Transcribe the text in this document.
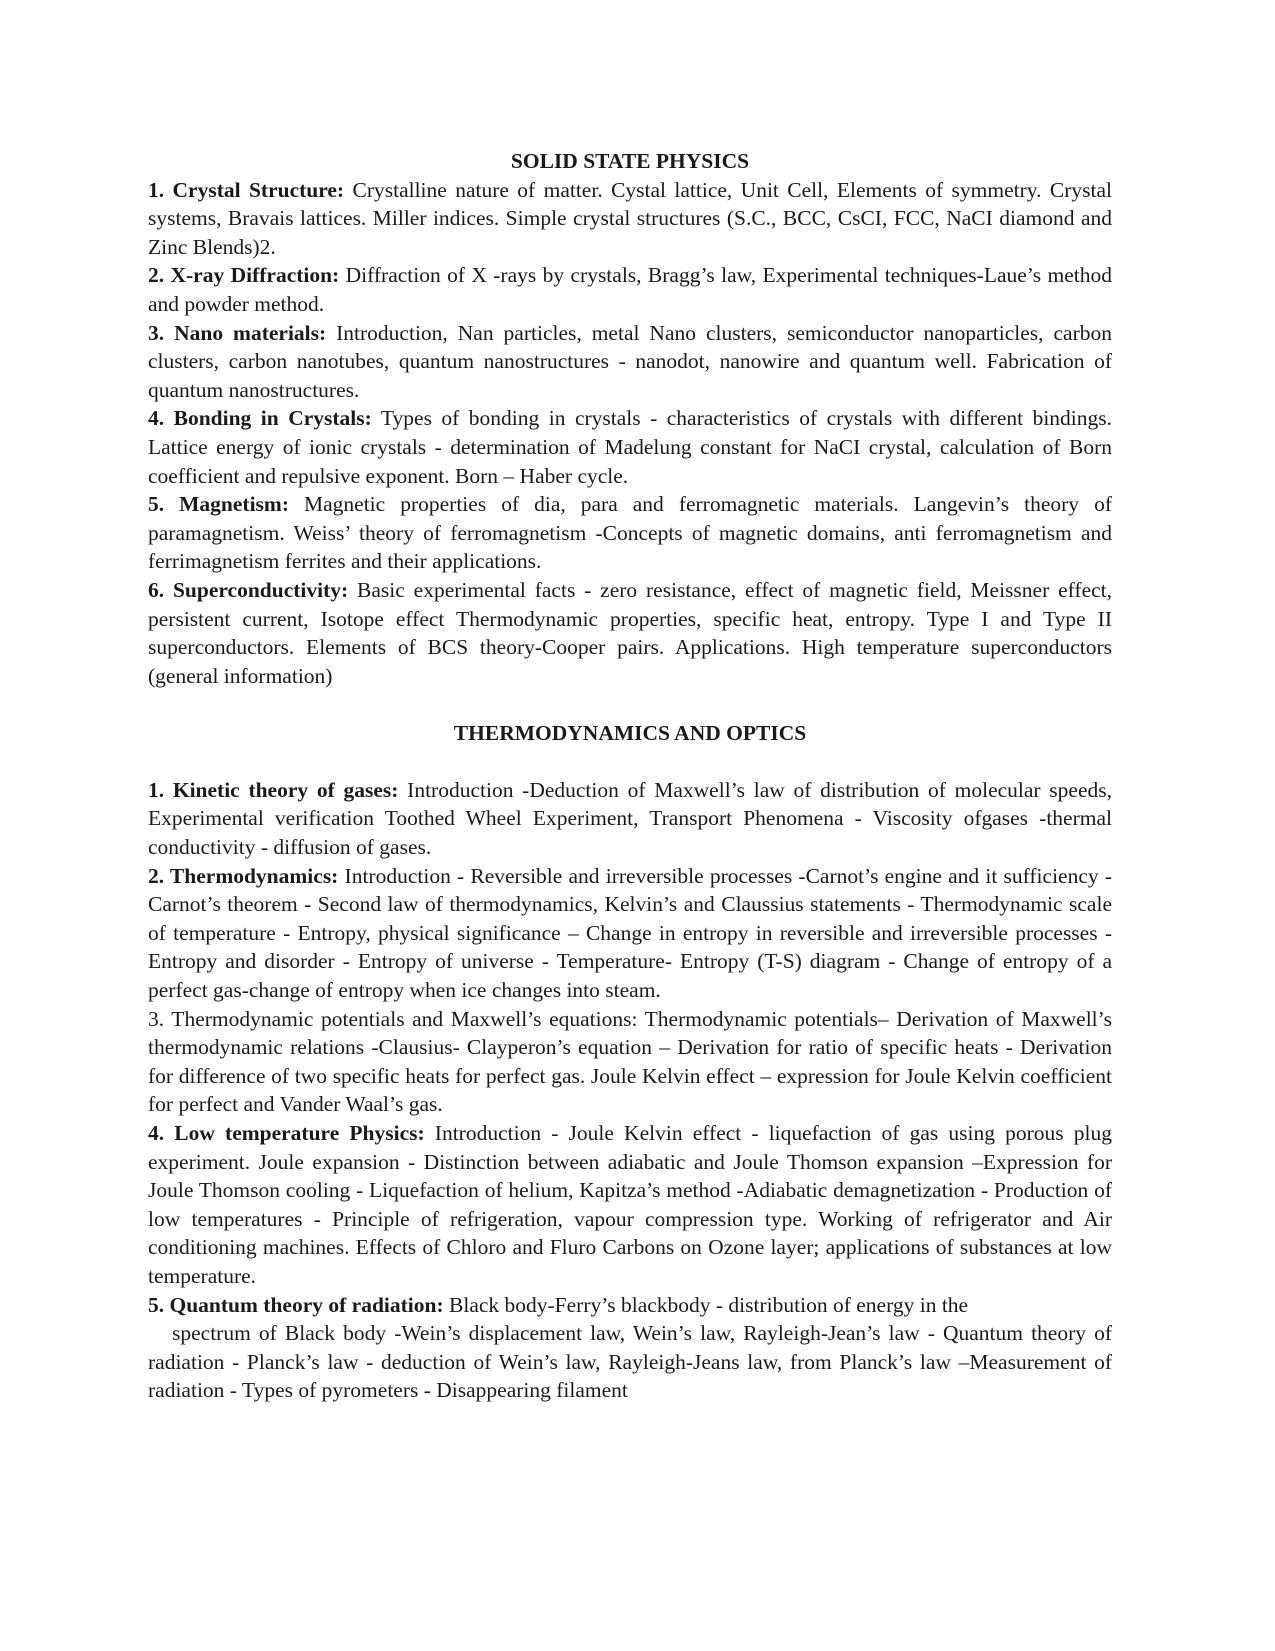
SOLID STATE PHYSICS

1. Crystal Structure: Crystalline nature of matter. Cystal lattice, Unit Cell, Elements of symmetry. Crystal systems, Bravais lattices. Miller indices. Simple crystal structures (S.C., BCC, CsCI, FCC, NaCI diamond and Zinc Blends)2.

2. X-ray Diffraction: Diffraction of X -rays by crystals, Bragg’s law, Experimental techniques-Laue’s method and powder method.

3. Nano materials: Introduction, Nan particles, metal Nano clusters, semiconductor nanoparticles, carbon clusters, carbon nanotubes, quantum nanostructures - nanodot, nanowire and quantum well. Fabrication of quantum nanostructures.

4. Bonding in Crystals: Types of bonding in crystals - characteristics of crystals with different bindings. Lattice energy of ionic crystals - determination of Madelung constant for NaCI crystal, calculation of Born coefficient and repulsive exponent. Born – Haber cycle.

5. Magnetism: Magnetic properties of dia, para and ferromagnetic materials. Langevin’s theory of paramagnetism. Weiss’ theory of ferromagnetism -Concepts of magnetic domains, anti ferromagnetism and ferrimagnetism ferrites and their applications.

6. Superconductivity: Basic experimental facts - zero resistance, effect of magnetic field, Meissner effect, persistent current, Isotope effect Thermodynamic properties, specific heat, entropy. Type I and Type II superconductors. Elements of BCS theory-Cooper pairs. Applications. High temperature superconductors (general information)

THERMODYNAMICS AND OPTICS

1. Kinetic theory of gases: Introduction -Deduction of Maxwell’s law of distribution of molecular speeds, Experimental verification Toothed Wheel Experiment, Transport Phenomena - Viscosity ofgases -thermal conductivity - diffusion of gases.

2. Thermodynamics: Introduction - Reversible and irreversible processes -Carnot’s engine and it sufficiency - Carnot’s theorem - Second law of thermodynamics, Kelvin’s and Claussius statements - Thermodynamic scale of temperature - Entropy, physical significance – Change in entropy in reversible and irreversible processes - Entropy and disorder - Entropy of universe - Temperature- Entropy (T-S) diagram - Change of entropy of a perfect gas-change of entropy when ice changes into steam.

3. Thermodynamic potentials and Maxwell’s equations: Thermodynamic potentials– Derivation of Maxwell’s thermodynamic relations -Clausius- Clayperon’s equation – Derivation for ratio of specific heats - Derivation for difference of two specific heats for perfect gas. Joule Kelvin effect – expression for Joule Kelvin coefficient for perfect and Vander Waal’s gas.

4. Low temperature Physics: Introduction - Joule Kelvin effect - liquefaction of gas using porous plug experiment. Joule expansion - Distinction between adiabatic and Joule Thomson expansion –Expression for Joule Thomson cooling - Liquefaction of helium, Kapitza’s method -Adiabatic demagnetization - Production of low temperatures - Principle of refrigeration, vapour compression type. Working of refrigerator and Air conditioning machines. Effects of Chloro and Fluro Carbons on Ozone layer; applications of substances at low temperature.

5. Quantum theory of radiation: Black body-Ferry’s blackbody - distribution of energy in the

spectrum of Black body -Wein’s displacement law, Wein’s law, Rayleigh-Jean’s law - Quantum theory of radiation - Planck’s law - deduction of Wein’s law, Rayleigh-Jeans law, from Planck’s law –Measurement of radiation - Types of pyrometers - Disappearing filament
